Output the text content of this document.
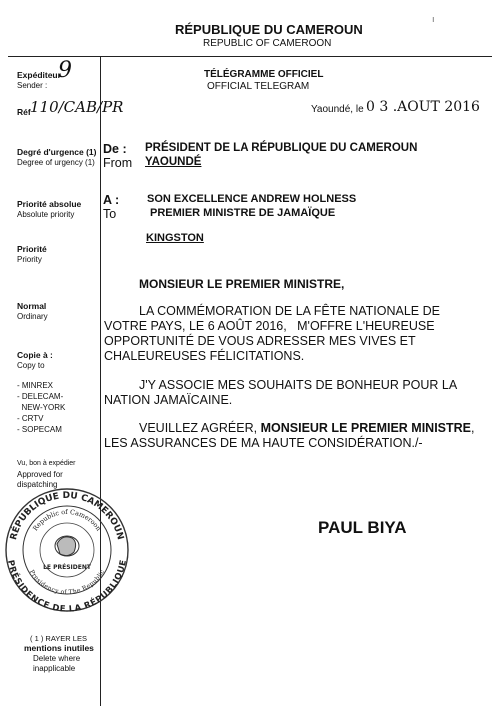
RÉPUBLIQUE DU CAMEROUN
REPUBLIC OF CAMEROON
ı
Expéditeur
9
Sender :
Réf 110/CAB/PR
Degré d'urgence (1)
Degree of urgency (1)
Priorité absolue
Absolute priority
Priorité
Priority
Normal
Ordinary
Copie à :
Copy to
- MINREX
- DELECAM-
NEW-YORK
- CRTV
- SOPECAM
Vu, bon à expédier
Approved for
dispatching
RÉPUBLIQUE DU CAMEROUN
PRÉSIDENCE DE LA RÉPUBLIQUE
Republic of Cameroon
Presidency of The Republic
LE PRÉSIDENT
( 1 ) RAYER LES
mentions inutiles
Delete where
inapplicable
TÉLÉGRAMME OFFICIEL
OFFICIAL TELEGRAM
Yaoundé, le 0 3 .AOUT 2016
De :
From
PRÉSIDENT DE LA RÉPUBLIQUE DU CAMEROUN
YAOUNDÉ
A :
To
SON EXCELLENCE ANDREW HOLNESS
PREMIER MINISTRE DE JAMAÏQUE
KINGSTON
MONSIEUR LE PREMIER MINISTRE,
LA COMMÉMORATION DE LA FÊTE NATIONALE DE
VOTRE PAYS, LE 6 AOÛT 2016,   M'OFFRE L'HEUREUSE
OPPORTUNITÉ DE VOUS ADRESSER MES VIVES ET
CHALEUREUSES FÉLICITATIONS.
J'Y ASSOCIE MES SOUHAITS DE BONHEUR POUR LA
NATION JAMAÏCAINE.
VEUILLEZ AGRÉER, MONSIEUR LE PREMIER MINISTRE,
LES ASSURANCES DE MA HAUTE CONSIDÉRATION./-
PAUL BIYA
